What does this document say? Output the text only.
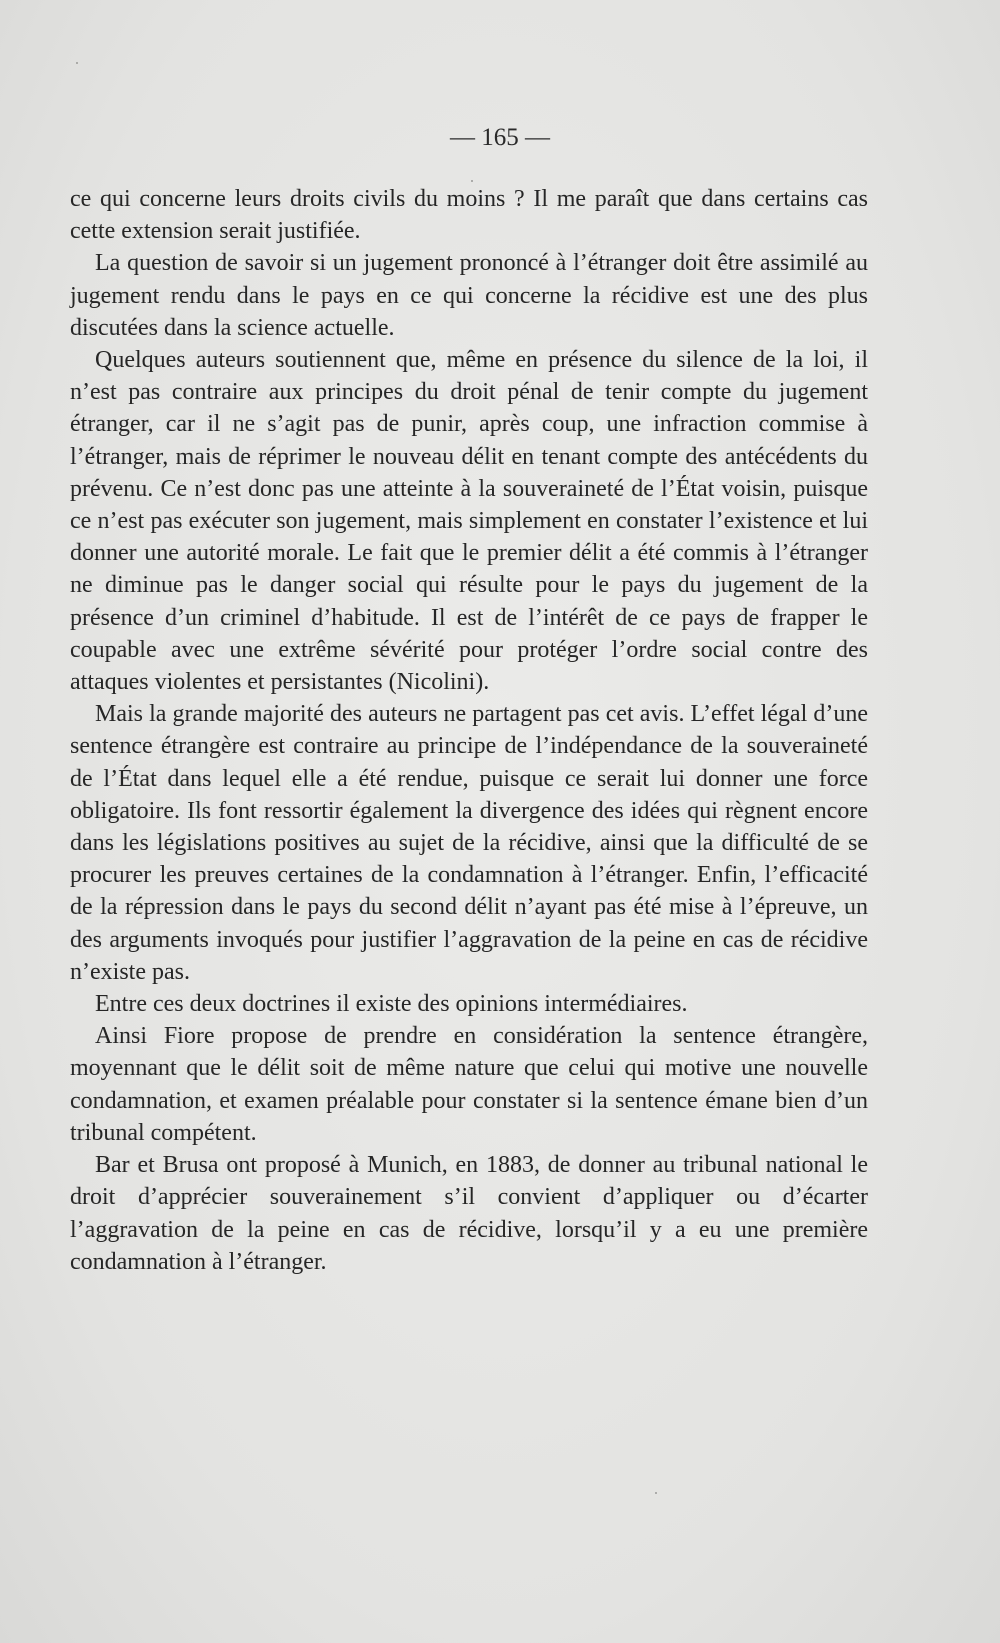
— 165 —

ce qui concerne leurs droits civils du moins ? Il me paraît que dans certains cas cette extension serait justifiée.

La question de savoir si un jugement prononcé à l’étranger doit être assimilé au jugement rendu dans le pays en ce qui concerne la récidive est une des plus discutées dans la science actuelle.

Quelques auteurs soutiennent que, même en présence du silence de la loi, il n’est pas contraire aux principes du droit pénal de tenir compte du jugement étranger, car il ne s’agit pas de punir, après coup, une infraction commise à l’étranger, mais de réprimer le nouveau délit en tenant compte des antécédents du prévenu. Ce n’est donc pas une atteinte à la souveraineté de l’État voisin, puisque ce n’est pas exécuter son jugement, mais simplement en constater l’existence et lui donner une autorité morale. Le fait que le premier délit a été commis à l’étranger ne diminue pas le danger social qui résulte pour le pays du jugement de la présence d’un criminel d’habitude. Il est de l’intérêt de ce pays de frapper le coupable avec une extrême sévérité pour protéger l’ordre social contre des attaques violentes et persistantes (Nicolini).

Mais la grande majorité des auteurs ne partagent pas cet avis. L’effet légal d’une sentence étrangère est contraire au principe de l’indépendance de la souveraineté de l’État dans lequel elle a été rendue, puisque ce serait lui donner une force obligatoire. Ils font ressortir également la divergence des idées qui règnent encore dans les législations positives au sujet de la récidive, ainsi que la difficulté de se procurer les preuves certaines de la condamnation à l’étranger. Enfin, l’efficacité de la répression dans le pays du second délit n’ayant pas été mise à l’épreuve, un des arguments invoqués pour justifier l’aggravation de la peine en cas de récidive n’existe pas.

Entre ces deux doctrines il existe des opinions intermédiaires.

Ainsi Fiore propose de prendre en considération la sentence étrangère, moyennant que le délit soit de même nature que celui qui motive une nouvelle condamnation, et examen préalable pour constater si la sentence émane bien d’un tribunal compétent.

Bar et Brusa ont proposé à Munich, en 1883, de donner au tribunal national le droit d’apprécier souverainement s’il convient d’appliquer ou d’écarter l’aggravation de la peine en cas de récidive, lorsqu’il y a eu une première condamnation à l’étranger.
